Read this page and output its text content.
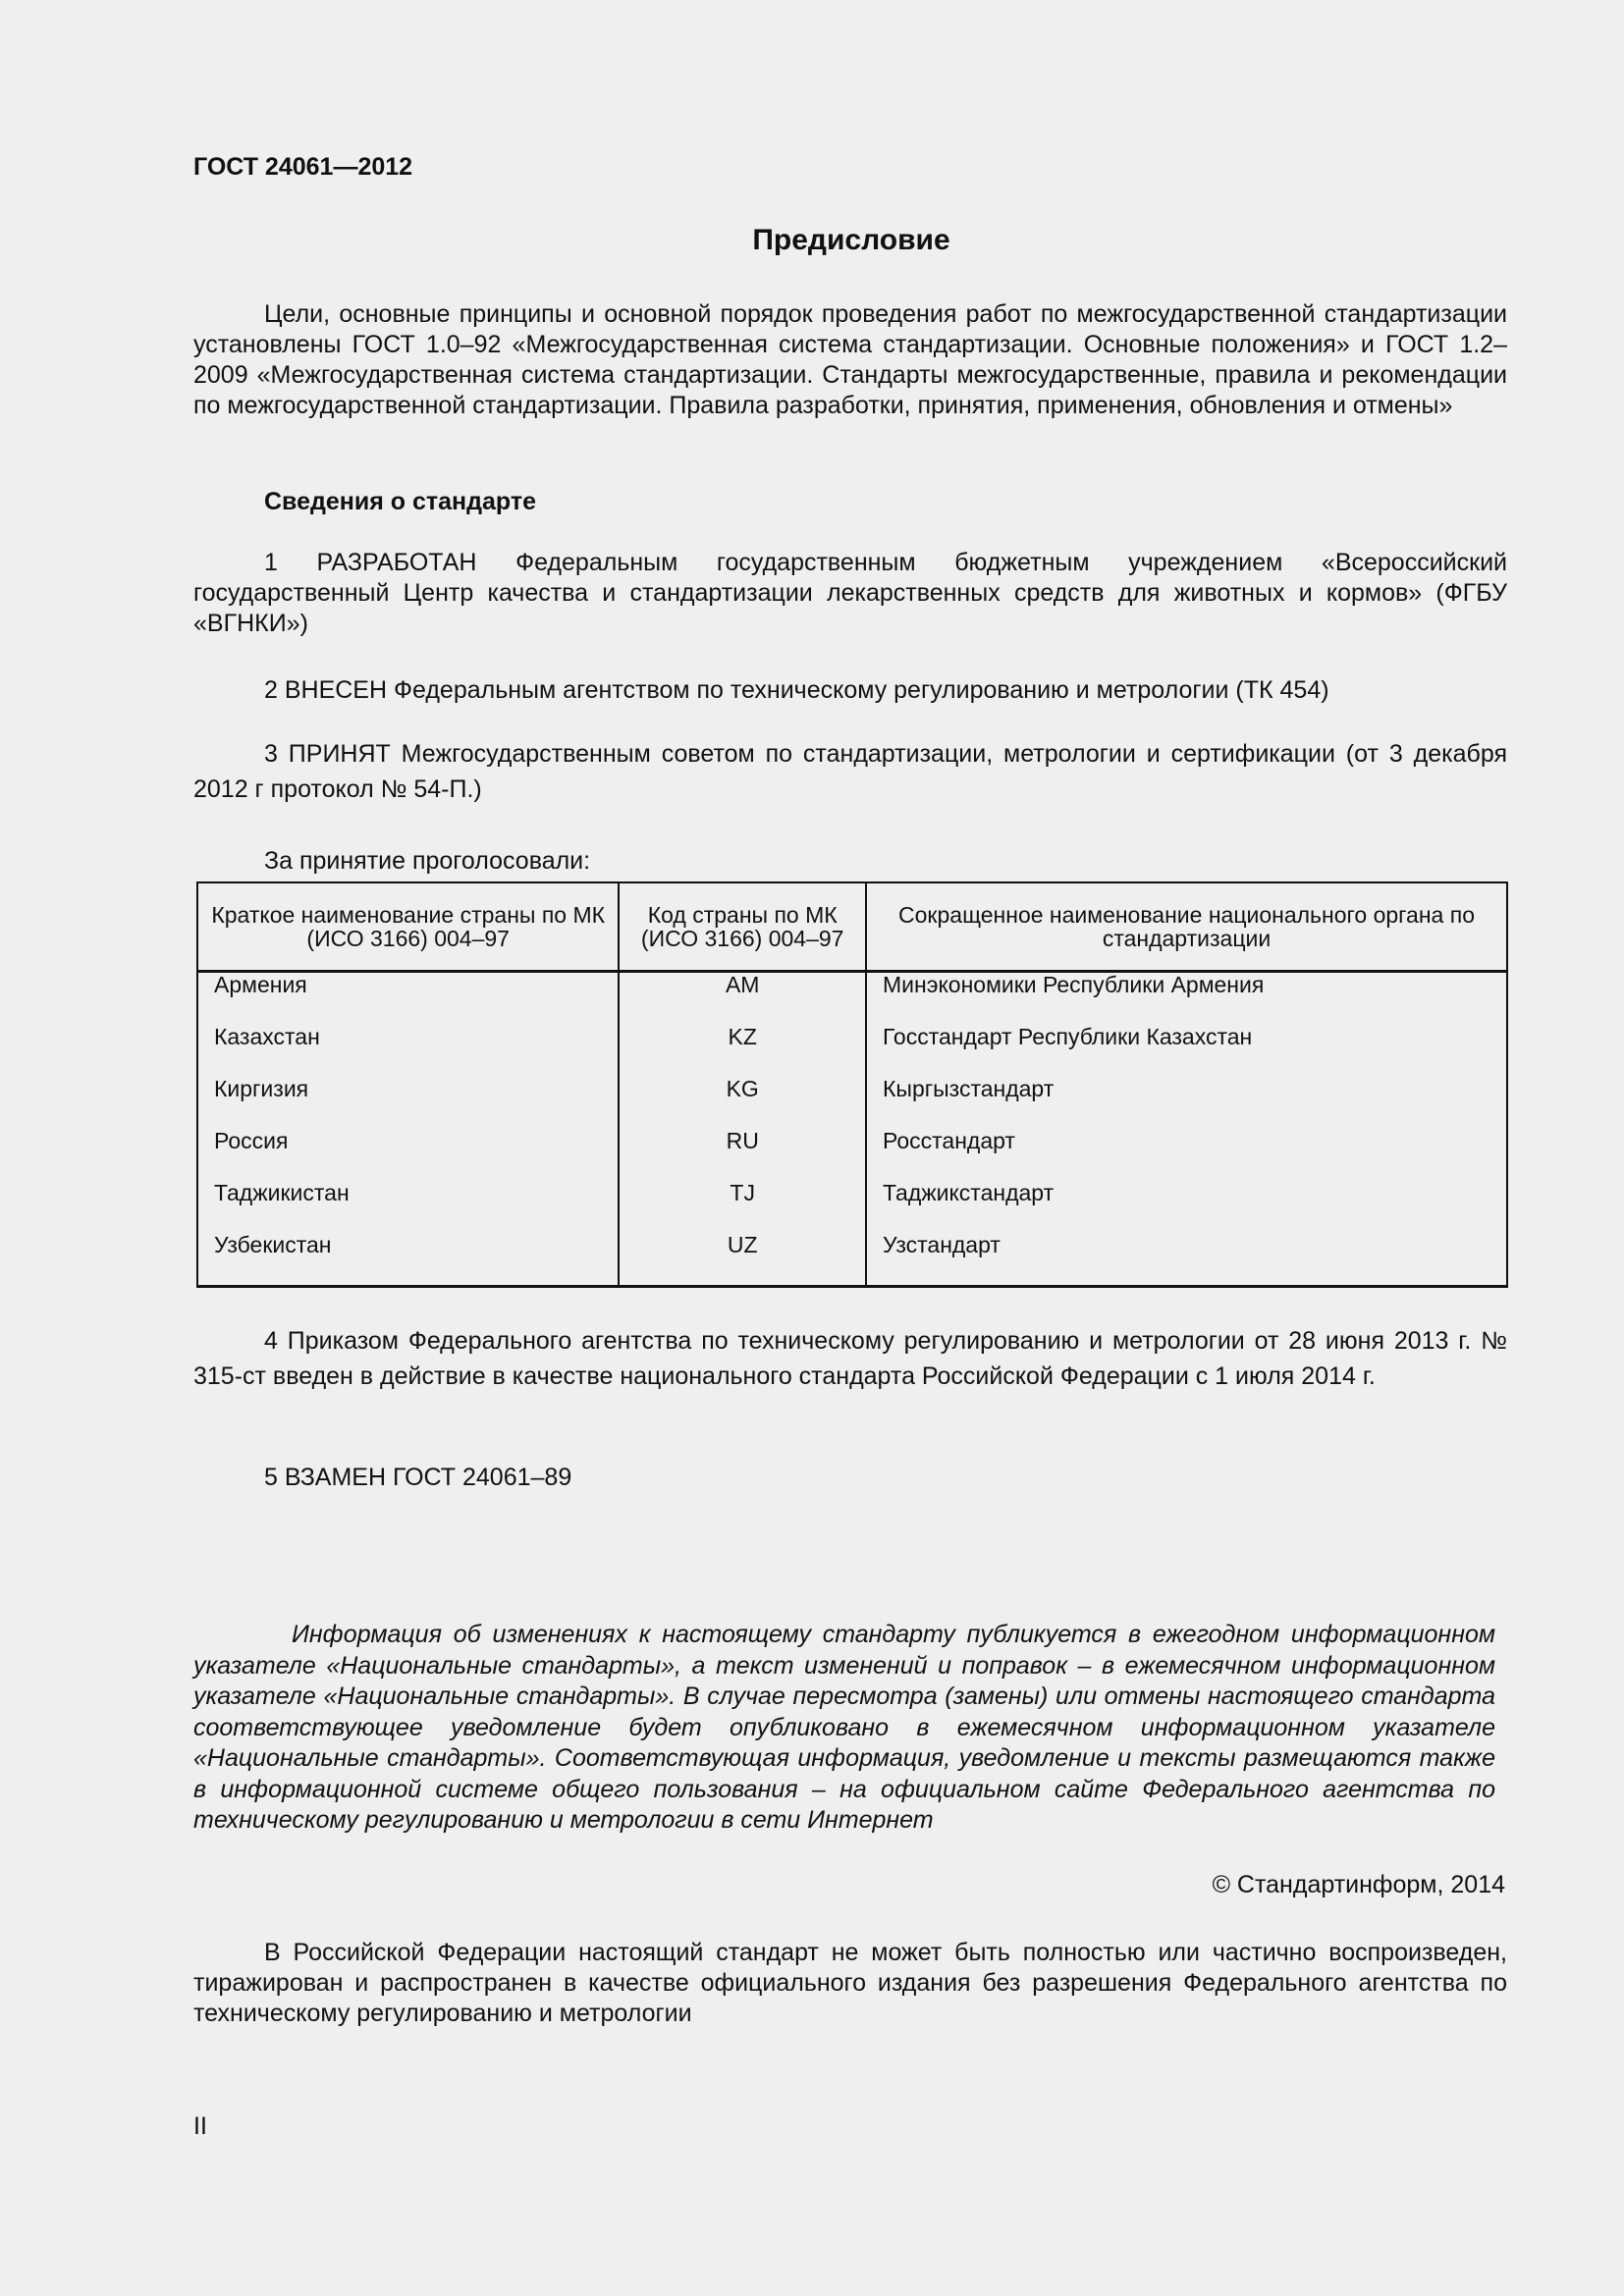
ГОСТ 24061—2012
Предисловие

Цели, основные принципы и основной порядок проведения работ по межгосударственной стандартизации установлены ГОСТ 1.0–92 «Межгосударственная система стандартизации. Основные положения» и ГОСТ 1.2–2009 «Межгосударственная система стандартизации. Стандарты межгосударственные, правила и рекомендации по межгосударственной стандартизации. Правила разработки, принятия, применения, обновления и отмены»

Сведения о стандарте

1 РАЗРАБОТАН Федеральным государственным бюджетным учреждением «Всероссийский государственный Центр качества и стандартизации лекарственных средств для животных и кормов» (ФГБУ «ВГНКИ»)

2 ВНЕСЕН Федеральным агентством по техническому регулированию и метрологии (ТК 454)

3 ПРИНЯТ Межгосударственным советом по стандартизации, метрологии и сертификации (от 3 декабря 2012 г протокол № 54-П.)

За принятие проголосовали:

Краткое наименование страны по МК (ИСО 3166) 004–97	Код страны по МК (ИСО 3166) 004–97	Сокращенное наименование национального органа по стандартизации
Армения	AM	Минэкономики Республики Армения
Казахстан	KZ	Госстандарт Республики Казахстан
Киргизия	KG	Кыргызстандарт
Россия	RU	Росстандарт
Таджикистан	TJ	Таджикстандарт
Узбекистан	UZ	Узстандарт

4 Приказом Федерального агентства по техническому регулированию и метрологии от 28 июня 2013 г. № 315-ст введен в действие в качестве национального стандарта Российской Федерации с 1 июля 2014 г.

5 ВЗАМЕН ГОСТ 24061–89

Информация об изменениях к настоящему стандарту публикуется в ежегодном информационном указателе «Национальные стандарты», а текст изменений и поправок – в ежемесячном информационном указателе «Национальные стандарты». В случае пересмотра (замены) или отмены настоящего стандарта соответствующее уведомление будет опубликовано в ежемесячном информационном указателе «Национальные стандарты». Соответствующая информация, уведомление и тексты размещаются также в информационной системе общего пользования – на официальном сайте Федерального агентства по техническому регулированию и метрологии в сети Интернет

© Стандартинформ, 2014

В Российской Федерации настоящий стандарт не может быть полностью или частично воспроизведен, тиражирован и распространен в качестве официального издания без разрешения Федерального агентства по техническому регулированию и метрологии

II
